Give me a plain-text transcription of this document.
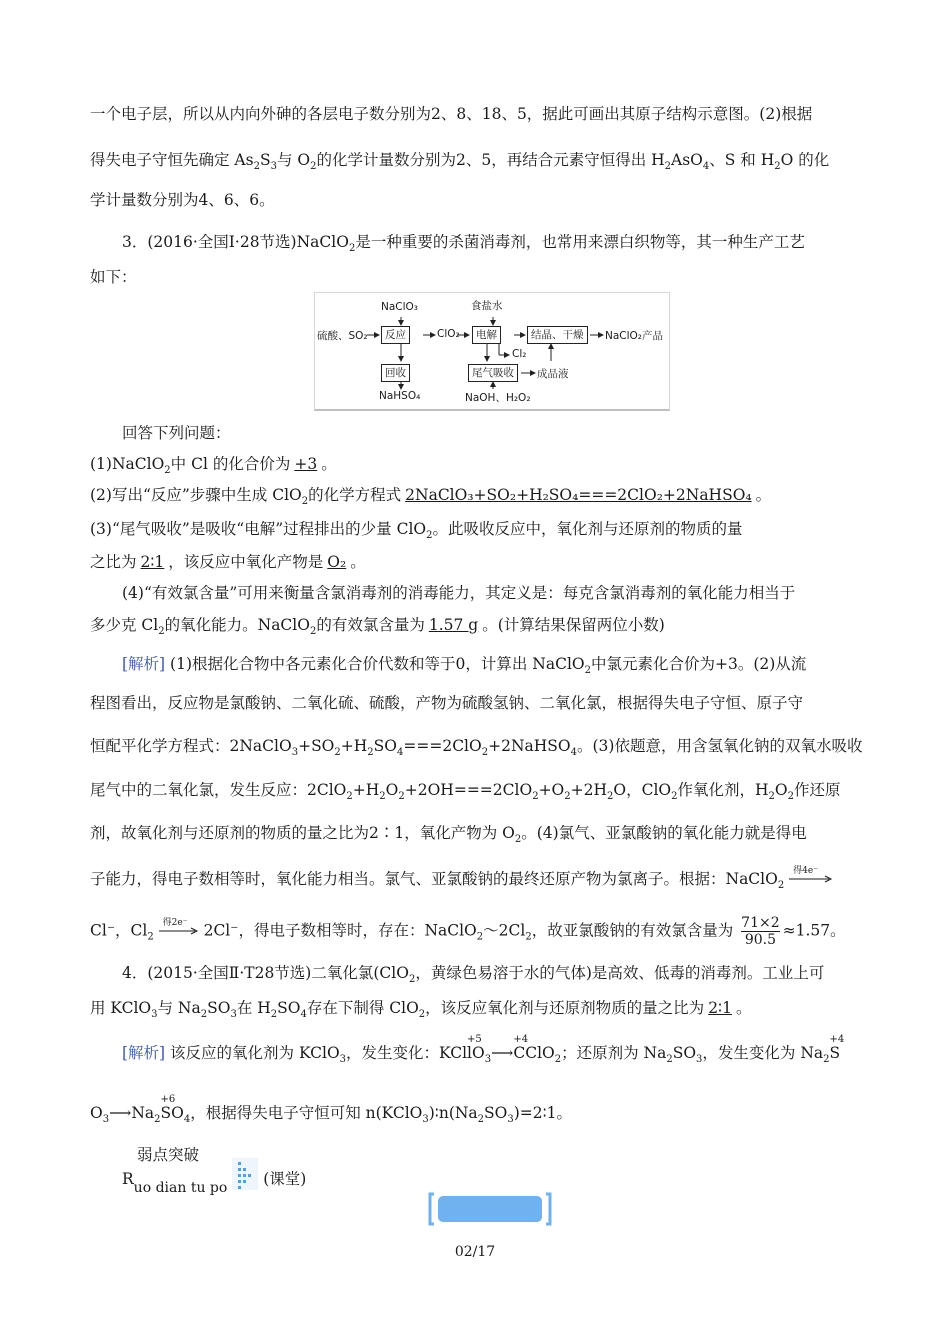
一个电子层，所以从内向外砷的各层电子数分别为2、8、18、5，据此可画出其原子结构示意图。(2)根据
得失电子守恒先确定 $As_2S_3$与 $O_2$的化学计量数分别为2、5，再结合元素守恒得出 $H_2AsO_4$、S 和 $H_2O$ 的化
学计量数分别为4、6、6。
3．(2016·全国Ⅰ·28节选)NaClO$_2$是一种重要的杀菌消毒剂，也常用来漂白织物等，其一种生产工艺
如下：
NaClO₃	食盐水
硫酸、SO₂	反应	ClO₂	电解	结晶、干燥	NaClO₂产品
Cl₂
回收	尾气吸收	成品液
NaHSO₄	NaOH、H₂O₂
回答下列问题：
(1)NaClO$_2$中 Cl 的化合价为 +3 。
(2)写出“反应”步骤中生成 ClO$_2$的化学方程式 2NaClO₃+SO₂+H₂SO₄===2ClO₂+2NaHSO₄ 。
(3)“尾气吸收”是吸收“电解”过程排出的少量 ClO$_2$。此吸收反应中，氧化剂与还原剂的物质的量
之比为 2∶1 ，该反应中氧化产物是 O₂ 。
(4)“有效氯含量”可用来衡量含氯消毒剂的消毒能力，其定义是：每克含氯消毒剂的氧化能力相当于
多少克 $Cl_2$的氧化能力。NaClO$_2$的有效氯含量为 1.57 g 。(计算结果保留两位小数)
[解析] (1)根据化合物中各元素化合价代数和等于0，计算出 NaClO$_2$中氯元素化合价为+3。(2)从流
程图看出，反应物是氯酸钠、二氧化硫、硫酸，产物为硫酸氢钠、二氧化氯，根据得失电子守恒、原子守
恒配平化学方程式：$2NaClO_3+SO_2+H_2SO_4===2ClO_2+2NaHSO_4$。(3)依题意，用含氢氧化钠的双氧水吸收
尾气中的二氧化氯，发生反应：$2ClO_2+H_2O_2+2OH===2ClO_2+O_2+2H_2O$，ClO$_2$作氧化剂，$H_2O_2$作还原
剂，故氧化剂与还原剂的物质的量之比为2∶1，氧化产物为 $O_2$。(4)氯气、亚氯酸钠的氧化能力就是得电
子能力，得电子数相等时，氧化能力相当。氯气、亚氯酸钠的最终还原产物为氯离子。根据：NaClO$_2$
得4e⁻
Cl⁻，$Cl_2$
得2e⁻ 2Cl⁻，得电子数相等时，存在：$NaClO_2\sim 2Cl_2$，故亚氯酸钠的有效氯含量为 $\frac{71\times 2}{90.5} \approx 1.57$。
4．(2015·全国Ⅱ·T28节选)二氧化氯(ClO$_2$，黄绿色易溶于水的气体)是高效、低毒的消毒剂。工业上可
用 KClO$_3$与 $Na_2SO_3$在 $H_2SO_4$存在下制得 ClO$_2$，该反应氧化剂与还原剂物质的量之比为 2∶1 。
[解析] 该反应的氧化剂为 KClO$_3$，发生变化：KCl
+5
$lO_3⟶$
+4
CClO$_2$；还原剂为 $Na_2SO_3$，发生变化为 $Na_2$
+4
S
$O_3⟶Na_2$
+6
$SO_4$，根据得失电子守恒可知 $n(KClO_3)∶n(Na_2SO_3)=2∶1$。
弱点突破
$R_{uo dian tu po}$ (课堂)
02/17
